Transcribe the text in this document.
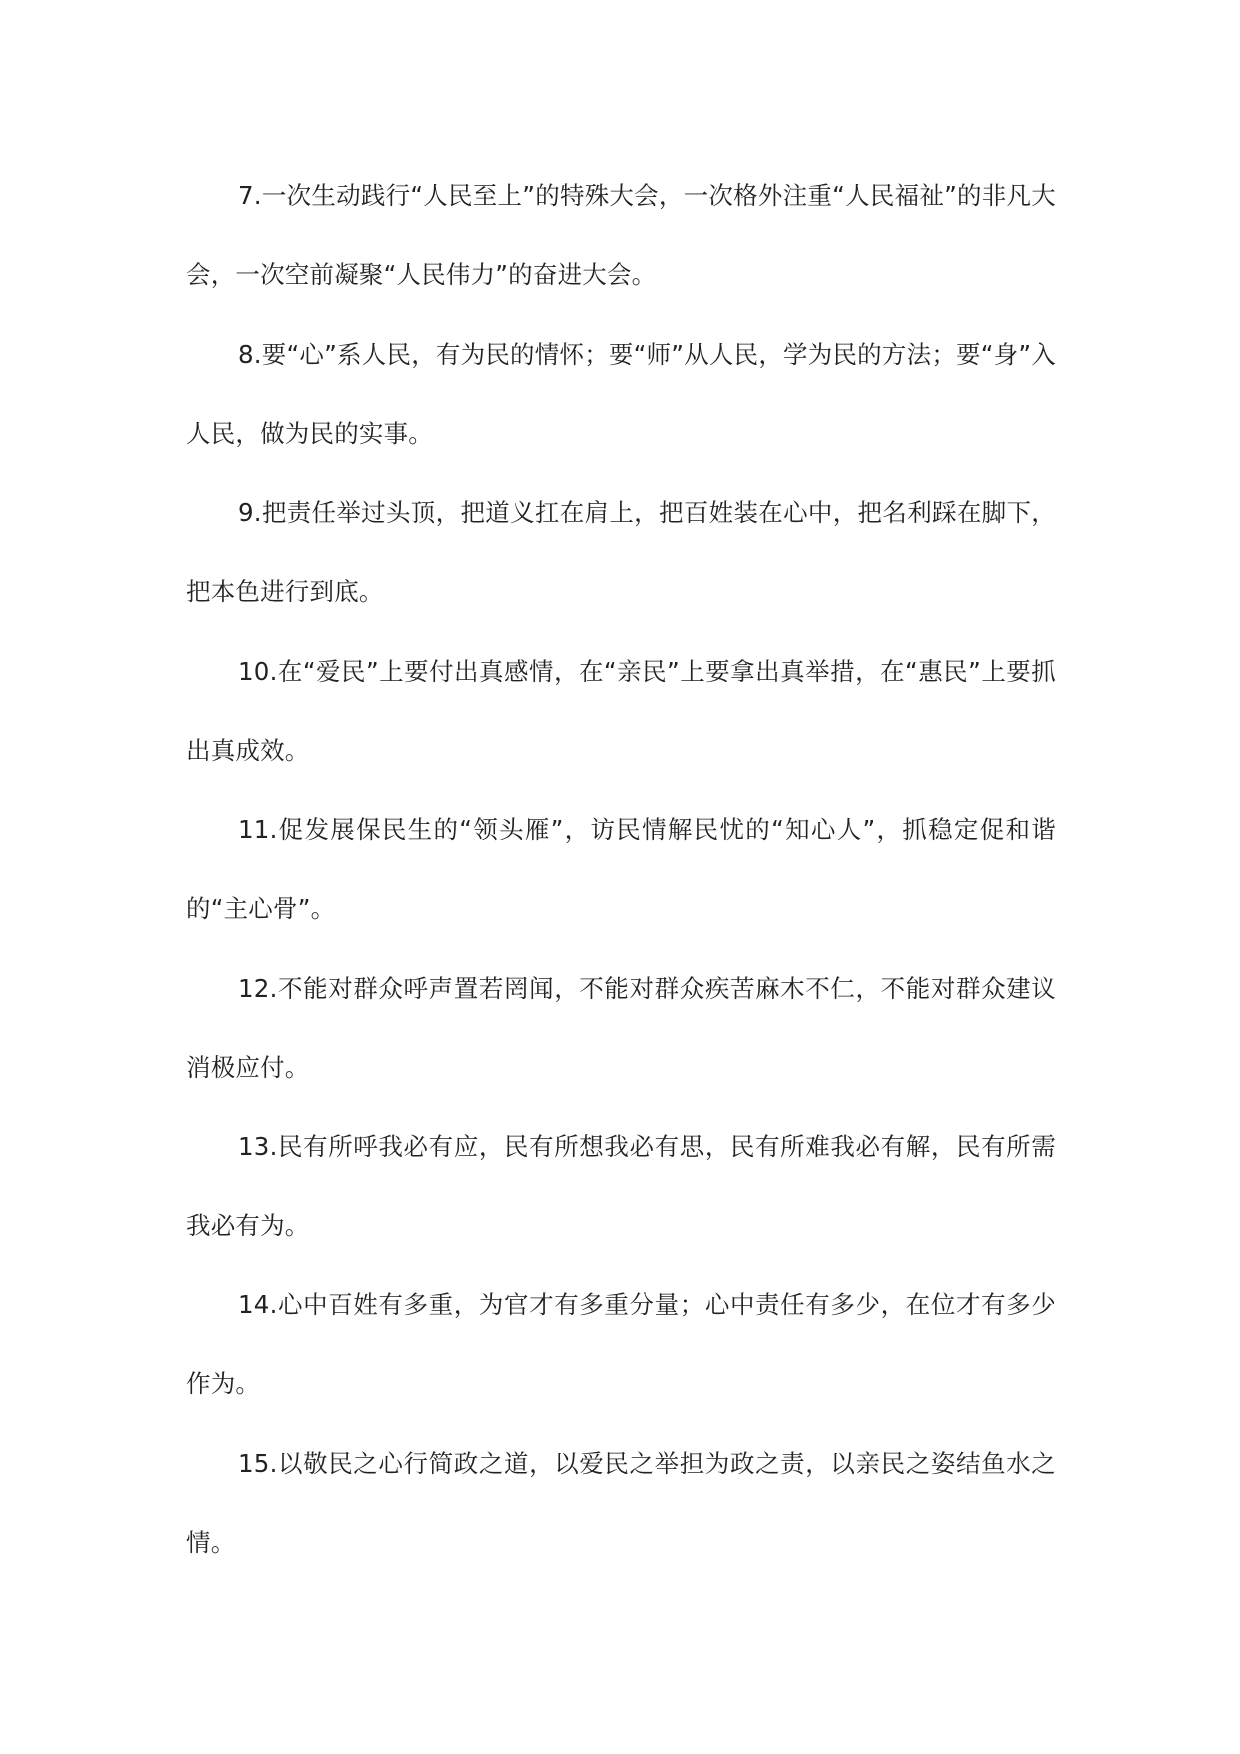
7.一次生动践行“人民至上”的特殊大会，一次格外注重“人民福祉”的非凡大会，一次空前凝聚“人民伟力”的奋进大会。

8.要“心”系人民，有为民的情怀；要“师”从人民，学为民的方法；要“身”入人民，做为民的实事。

9.把责任举过头顶，把道义扛在肩上，把百姓装在心中，把名利踩在脚下，把本色进行到底。

10.在“爱民”上要付出真感情，在“亲民”上要拿出真举措，在“惠民”上要抓出真成效。

11.促发展保民生的“领头雁”，访民情解民忧的“知心人”，抓稳定促和谐的“主心骨”。

12.不能对群众呼声置若罔闻，不能对群众疾苦麻木不仁，不能对群众建议消极应付。

13.民有所呼我必有应，民有所想我必有思，民有所难我必有解，民有所需我必有为。

14.心中百姓有多重，为官才有多重分量；心中责任有多少，在位才有多少作为。

15.以敬民之心行简政之道，以爱民之举担为政之责，以亲民之姿结鱼水之情。
